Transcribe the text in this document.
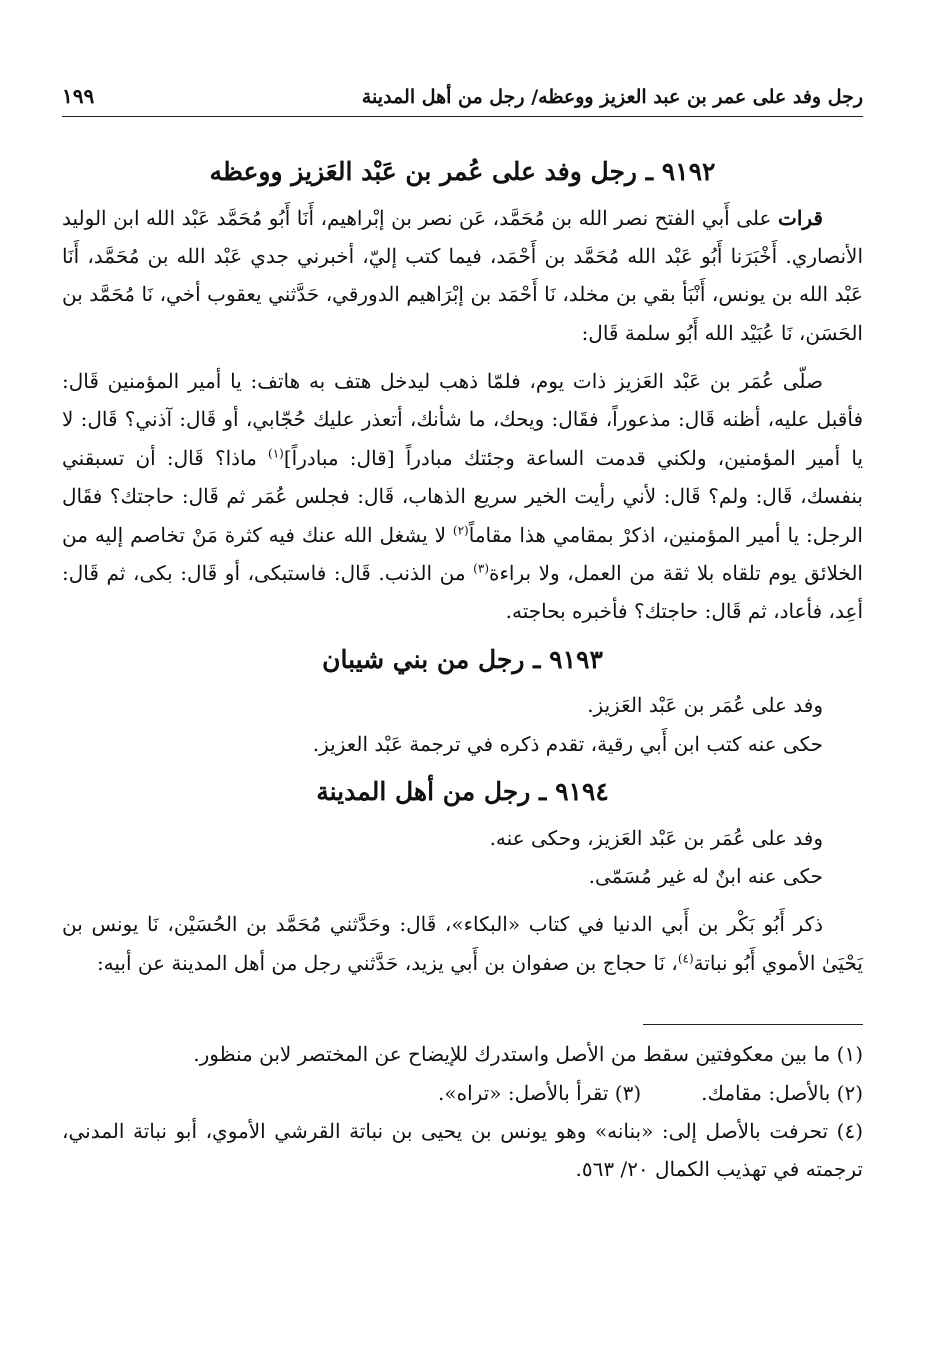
رجل وفد على عمر بن عبد العزيز ووعظه/ رجل من أهل المدينة
١٩٩
٩١٩٢ ـ رجل وفد على عُمر بن عَبْد العَزيز ووعظه

قرات على أَبي الفتح نصر الله بن مُحَمَّد، عَن نصر بن إبْراهيم، أَنَا أَبُو مُحَمَّد عَبْد الله ابن الوليد الأنصاري. أَخْبَرَنا أَبُو عَبْد الله مُحَمَّد بن أَحْمَد، فيما كتب إليّ، أخبرني جدي عَبْد الله بن مُحَمَّد، أَنَا عَبْد الله بن يونس، أَنْبَأ بقي بن مخلد، نَا أَحْمَد بن إبْرَاهيم الدورقي، حَدَّثني يعقوب أخي، نَا مُحَمَّد بن الحَسَن، نَا عُبَيْد الله أَبُو سلمة قَال:

صلّى عُمَر بن عَبْد العَزيز ذات يوم، فلمّا ذهب ليدخل هتف به هاتف: يا أمير المؤمنين قَال: فأقبل عليه، أظنه قَال: مذعوراً، فقَال: ويحك، ما شأنك، أتعذر عليك حُجّابي، أو قَال: آذني؟ قَال: لا يا أمير المؤمنين، ولكني قدمت الساعة وجئتك مبادراً [قال: مبادراً]$^{(١)}$ ماذا؟ قَال: أن تسبقني بنفسك، قَال: ولم؟ قَال: لأني رأيت الخير سريع الذهاب، قَال: فجلس عُمَر ثم قَال: حاجتك؟ فقَال الرجل: يا أمير المؤمنين، اذكرْ بمقامي هذا مقاماً$^{(٢)}$ لا يشغل الله عنك فيه كثرة مَنْ تخاصم إليه من الخلائق يوم تلقاه بلا ثقة من العمل، ولا براءة$^{(٣)}$ من الذنب. قَال: فاستبكى، أو قَال: بكى، ثم قَال: أعِد، فأعاد، ثم قَال: حاجتك؟ فأخبره بحاجته.

٩١٩٣ ـ رجل من بني شيبان

وفد على عُمَر بن عَبْد العَزيز.

حكى عنه كتب ابن أَبي رقية، تقدم ذكره في ترجمة عَبْد العزيز.

٩١٩٤ ـ رجل من أهل المدينة

وفد على عُمَر بن عَبْد العَزيز، وحكى عنه.

حكى عنه ابنٌ له غير مُسَمّى.

ذكر أَبُو بَكْر بن أَبي الدنيا في كتاب «البكاء»، قَال: وحَدَّثني مُحَمَّد بن الحُسَيْن، نَا يونس بن يَحْيَىٰ الأموي أَبُو نباتة$^{(٤)}$، نَا حجاج بن صفوان بن أَبي يزيد، حَدَّثني رجل من أهل المدينة عن أبيه:

(١) ما بين معكوفتين سقط من الأصل واستدرك للإيضاح عن المختصر لابن منظور.

(٢) بالأصل: مقامك.

(٣) تقرأ بالأصل: «تراه».

(٤) تحرفت بالأصل إلى: «بنانه» وهو يونس بن يحيى بن نباتة القرشي الأموي، أبو نباتة المدني، ترجمته في تهذيب الكمال ٢٠/ ٥٦٣.
